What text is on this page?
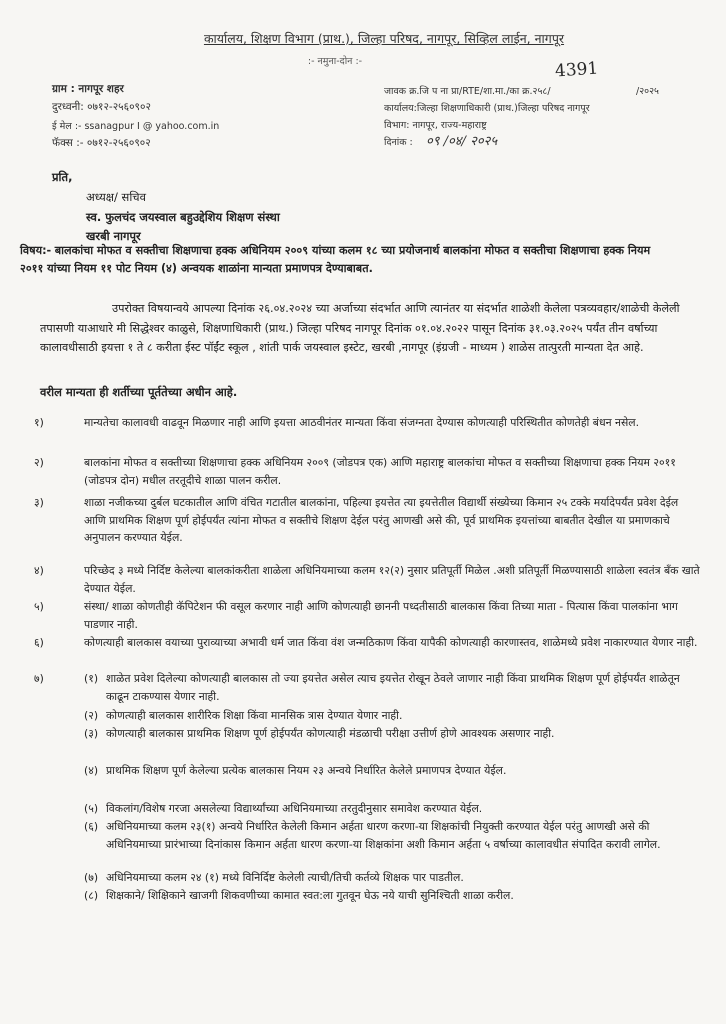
कार्यालय, शिक्षण विभाग (प्राथ.), जिल्हा परिषद, नागपूर, सिव्हिल लाईन, नागपूर
:- नमुना-दोन :-	4391
ग्राम : नागपूर शहर
दुरध्वनी: ०७१२-२५६०९०२
ई मेल :- ssanagpur I @ yahoo.com.in
फॅक्स :- ०७१२-२५६०९०२
जावक क्र.जि प ना प्रा/RTE/शा.मा./का क्र.२५८/	/२०२५
कार्यालय:जिल्हा शिक्षणाधिकारी (प्राथ.)जिल्हा परिषद नागपूर
विभाग: नागपूर, राज्य-महाराष्ट्र
दिनांक : ०९ /०४/ २०२५
प्रति,
अध्यक्ष/ सचिव
स्व. फुलचंद जयस्वाल बहुउद्देशिय शिक्षण संस्था
खरबी नागपूर
विषय:- बालकांचा मोफत व सक्तीचा शिक्षणाचा हक्क अधिनियम २००९ यांच्या कलम १८ च्या प्रयोजनार्थ बालकांना मोफत व सक्तीचा शिक्षणाचा हक्क नियम २०११ यांच्या नियम ११ पोट नियम (४) अन्वयक शाळांना मान्यता प्रमाणपत्र देण्याबाबत.
उपरोक्त विषयान्वये आपल्या दिनांक २६.०४.२०२४ च्या अर्जाच्या संदर्भात आणि त्यानंतर या संदर्भात शाळेशी केलेला पत्रव्यवहार/शाळेची केलेली तपासणी याआधारे मी सिद्धेश्वर काळुसे, शिक्षणाधिकारी (प्राथ.) जिल्हा परिषद नागपूर दिनांक ०१.०४.२०२२ पासून दिनांक ३१.०३.२०२५ पर्यंत तीन वर्षाच्या कालावधीसाठी इयत्ता १ ते ८ करीता ईस्ट पॉईंट स्कूल , शांती पार्क जयस्वाल इस्टेट, खरबी ,नागपूर (इंग्रजी - माध्यम ) शाळेस तात्पुरती मान्यता देत आहे.
वरील मान्यता ही शर्तीच्या पूर्ततेच्या अधीन आहे.
१)	मान्यतेचा कालावधी वाढवून मिळणार नाही आणि इयत्ता आठवीनंतर मान्यता किंवा संजग्नता देण्यास कोणत्याही परिस्थितीत कोणतेही बंधन नसेल.
२)	बालकांना मोफत व सक्तीच्या शिक्षणाचा हक्क अधिनियम २००९ (जोडपत्र एक) आणि महाराष्ट्र बालकांचा मोफत व सक्तीच्या शिक्षणाचा हक्क नियम २०११ (जोडपत्र दोन) मधील तरतूदीचे शाळा पालन करील.
३)	शाळा नजीकच्या दुर्बल घटकातील आणि वंचित गटातील बालकांना, पहिल्या इयत्तेत त्या इयत्तेतील विद्यार्थी संख्येच्या किमान २५ टक्के मर्यादेपर्यंत प्रवेश देईल आणि प्राथमिक शिक्षण पूर्ण होईपर्यंत त्यांना मोफत व सक्तीचे शिक्षण देईल परंतु आणखी असे की, पूर्व प्राथमिक इयत्तांच्या बाबतीत देखील या प्रमाणकाचे अनुपालन करण्यात येईल.
४)	परिच्छेद ३ मध्ये निर्दिष्ट केलेल्या बालकांकरीता शाळेला अधिनियमाच्या कलम १२(२) नुसार प्रतिपूर्ती मिळेल .अशी प्रतिपूर्ती मिळण्यासाठी शाळेला स्वतंत्र बँक खाते देण्यात येईल.
५)	संस्था/ शाळा कोणतीही कॅपिटेशन फी वसूल करणार नाही आणि कोणत्याही छाननी पध्दतीसाठी बालकास किंवा तिच्या माता - पित्यास किंवा पालकांना भाग पाडणार नाही.
६)	कोणत्याही बालकास वयाच्या पुराव्याच्या अभावी धर्म जात किंवा वंश जन्मठिकाण किंवा यापैकी कोणत्याही कारणास्तव, शाळेमध्ये प्रवेश नाकारण्यात येणार नाही.
७)	(१) शाळेत प्रवेश दिलेल्या कोणत्याही बालकास तो ज्या इयत्तेत असेल त्याच इयत्तेत रोखून ठेवले जाणार नाही किंवा प्राथमिक शिक्षण पूर्ण होईपर्यंत शाळेतून काढून टाकण्यास येणार नाही.
(२) कोणत्याही बालकास शारीरिक शिक्षा किंवा मानसिक त्रास देण्यात येणार नाही.
(३) कोणत्याही बालकास प्राथमिक शिक्षण पूर्ण होईपर्यंत कोणत्याही मंडळाची परीक्षा उत्तीर्ण होणे आवश्यक असणार नाही.
(४) प्राथमिक शिक्षण पूर्ण केलेल्या प्रत्येक बालकास नियम २३ अन्वये निर्धारित केलेले प्रमाणपत्र देण्यात येईल.
(५) विकलांग/विशेष गरजा असलेल्या विद्यार्थ्यांच्या अधिनियमाच्या तरतुदीनुसार समावेश करण्यात येईल.
(६) अधिनियमाच्या कलम २३(१) अन्वये निर्धारित केलेली किमान अर्हता धारण करणा-या शिक्षकांची नियुक्ती करण्यात येईल परंतु आणखी असे की अधिनियमाच्या प्रारंभाच्या दिनांकास किमान अर्हता धारण करणा-या शिक्षकांना अशी किमान अर्हता ५ वर्षाच्या कालावधीत संपादित करावी लागेल.
(७) अधिनियमाच्या कलम २४ (१) मध्ये विनिर्दिष्ट केलेली त्याची/तिची कर्तव्ये शिक्षक पार पाडतील.
(८) शिक्षकाने/ शिक्षिकाने खाजगी शिकवणीच्या कामात स्वत:ला गुतवून घेऊ नये याची सुनिश्चिती शाळा करील.
